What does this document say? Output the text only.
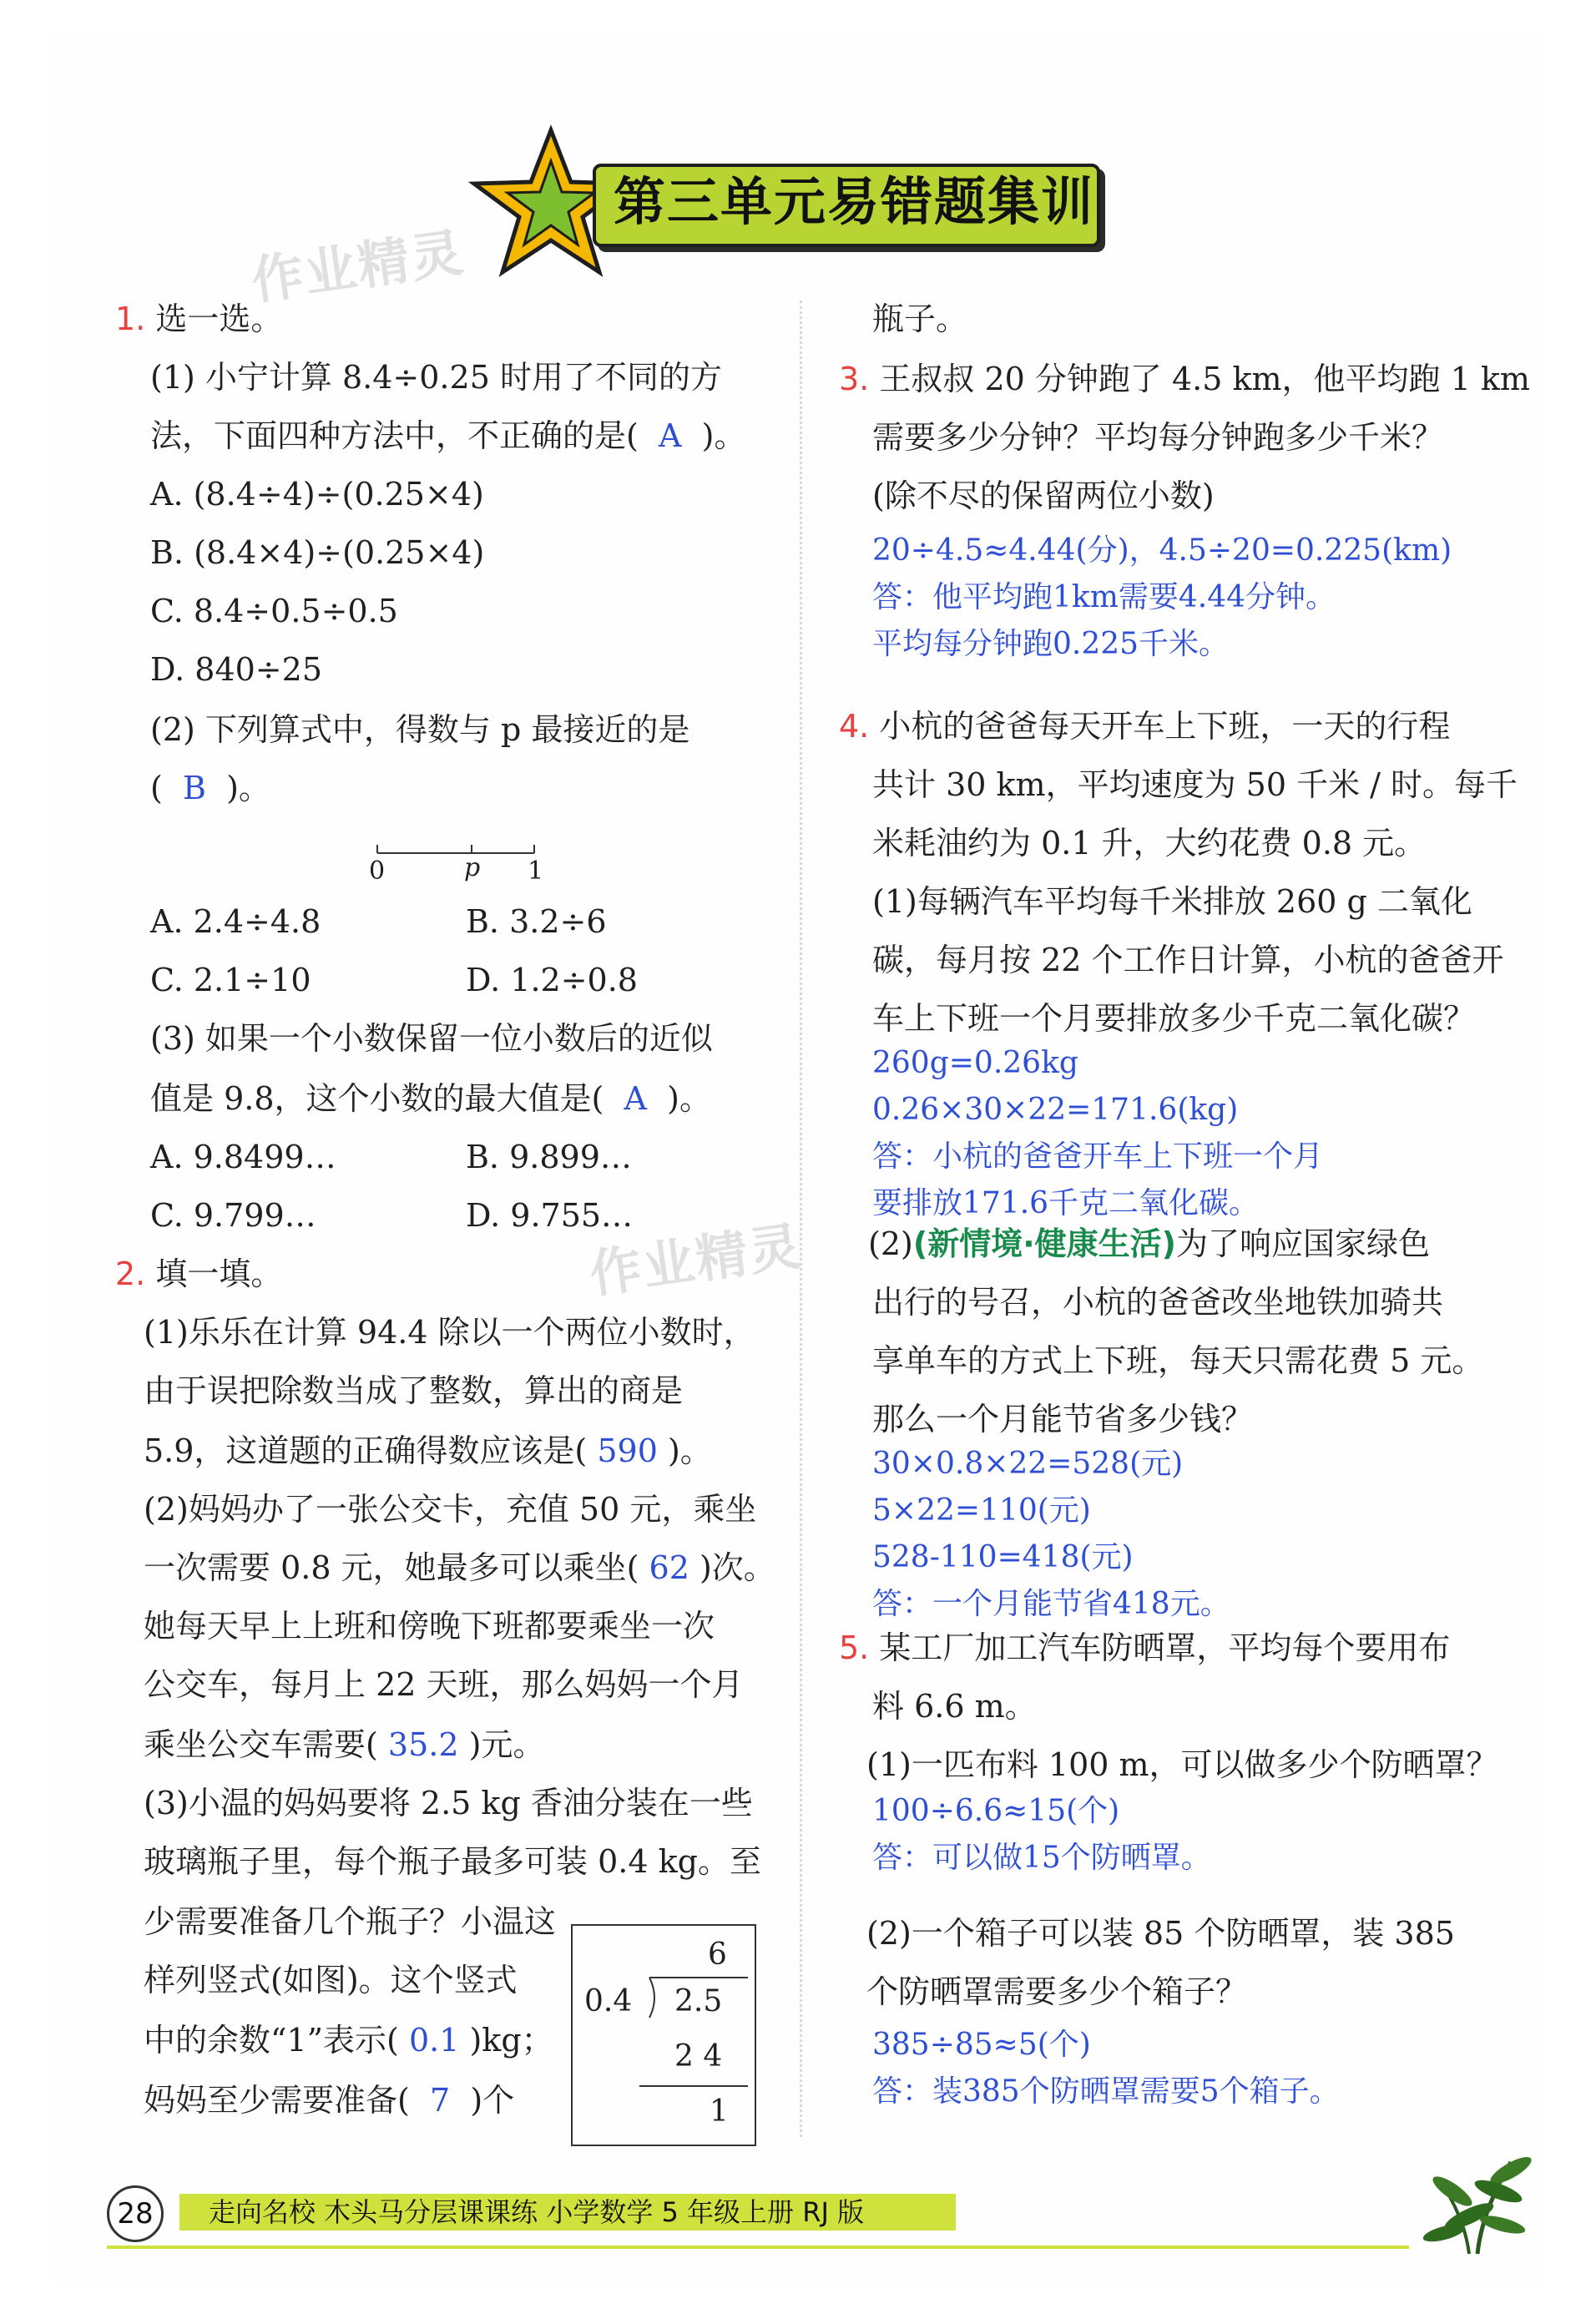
第三单元易错题集训
作业精灵
作业精灵
1. 选一选。
(1) 小宁计算 8.4÷0.25 时用了不同的方
法，下面四种方法中，不正确的是( A )。
A. (8.4÷4)÷(0.25×4)
B. (8.4×4)÷(0.25×4)
C. 8.4÷0.5÷0.5
D. 840÷25
(2) 下列算式中，得数与 p 最接近的是
( B )。
0	p 1
A. 2.4÷4.8	B. 3.2÷6
C. 2.1÷10	D. 1.2÷0.8
(3) 如果一个小数保留一位小数后的近似
值是 9.8，这个小数的最大值是( A )。
A. 9.8499…	B. 9.899…
C. 9.799…	D. 9.755…
2. 填一填。
(1)乐乐在计算 94.4 除以一个两位小数时，
由于误把除数当成了整数，算出的商是
5.9，这道题的正确得数应该是( 590 )。
(2)妈妈办了一张公交卡，充值 50 元，乘坐
一次需要 0.8 元，她最多可以乘坐( 62 )次。
她每天早上上班和傍晚下班都要乘坐一次
公交车，每月上 22 天班，那么妈妈一个月
乘坐公交车需要( 35.2 )元。
(3)小温的妈妈要将 2.5 kg 香油分装在一些
玻璃瓶子里，每个瓶子最多可装 0.4 kg。至
少需要准备几个瓶子？小温这
样列竖式(如图)。这个竖式
中的余数“1”表示( 0.1 )kg；
妈妈至少需要准备( 7 )个
6
0.4 2.5
2 4
1
瓶子。
3. 王叔叔 20 分钟跑了 4.5 km，他平均跑 1 km
需要多少分钟？平均每分钟跑多少千米？
(除不尽的保留两位小数)
20÷4.5≈4.44(分)，4.5÷20=0.225(km)
答：他平均跑1km需要4.44分钟。
平均每分钟跑0.225千米。
4. 小杭的爸爸每天开车上下班，一天的行程
共计 30 km，平均速度为 50 千米 / 时。每千
米耗油约为 0.1 升，大约花费 0.8 元。
(1)每辆汽车平均每千米排放 260 g 二氧化
碳，每月按 22 个工作日计算，小杭的爸爸开
车上下班一个月要排放多少千克二氧化碳？
260g=0.26kg
0.26×30×22=171.6(kg)
答：小杭的爸爸开车上下班一个月
要排放171.6千克二氧化碳。
(2)(新情境·健康生活)为了响应国家绿色
出行的号召，小杭的爸爸改坐地铁加骑共
享单车的方式上下班，每天只需花费 5 元。
那么一个月能节省多少钱？
30×0.8×22=528(元)
5×22=110(元)
528-110=418(元)
答：一个月能节省418元。
5. 某工厂加工汽车防晒罩，平均每个要用布
料 6.6 m。
(1)一匹布料 100 m，可以做多少个防晒罩？
100÷6.6≈15(个)
答：可以做15个防晒罩。
(2)一个箱子可以装 85 个防晒罩，装 385
个防晒罩需要多少个箱子？
385÷85≈5(个)
答：装385个防晒罩需要5个箱子。
28	走向名校 木头马分层课课练 小学数学 5 年级上册 RJ 版
